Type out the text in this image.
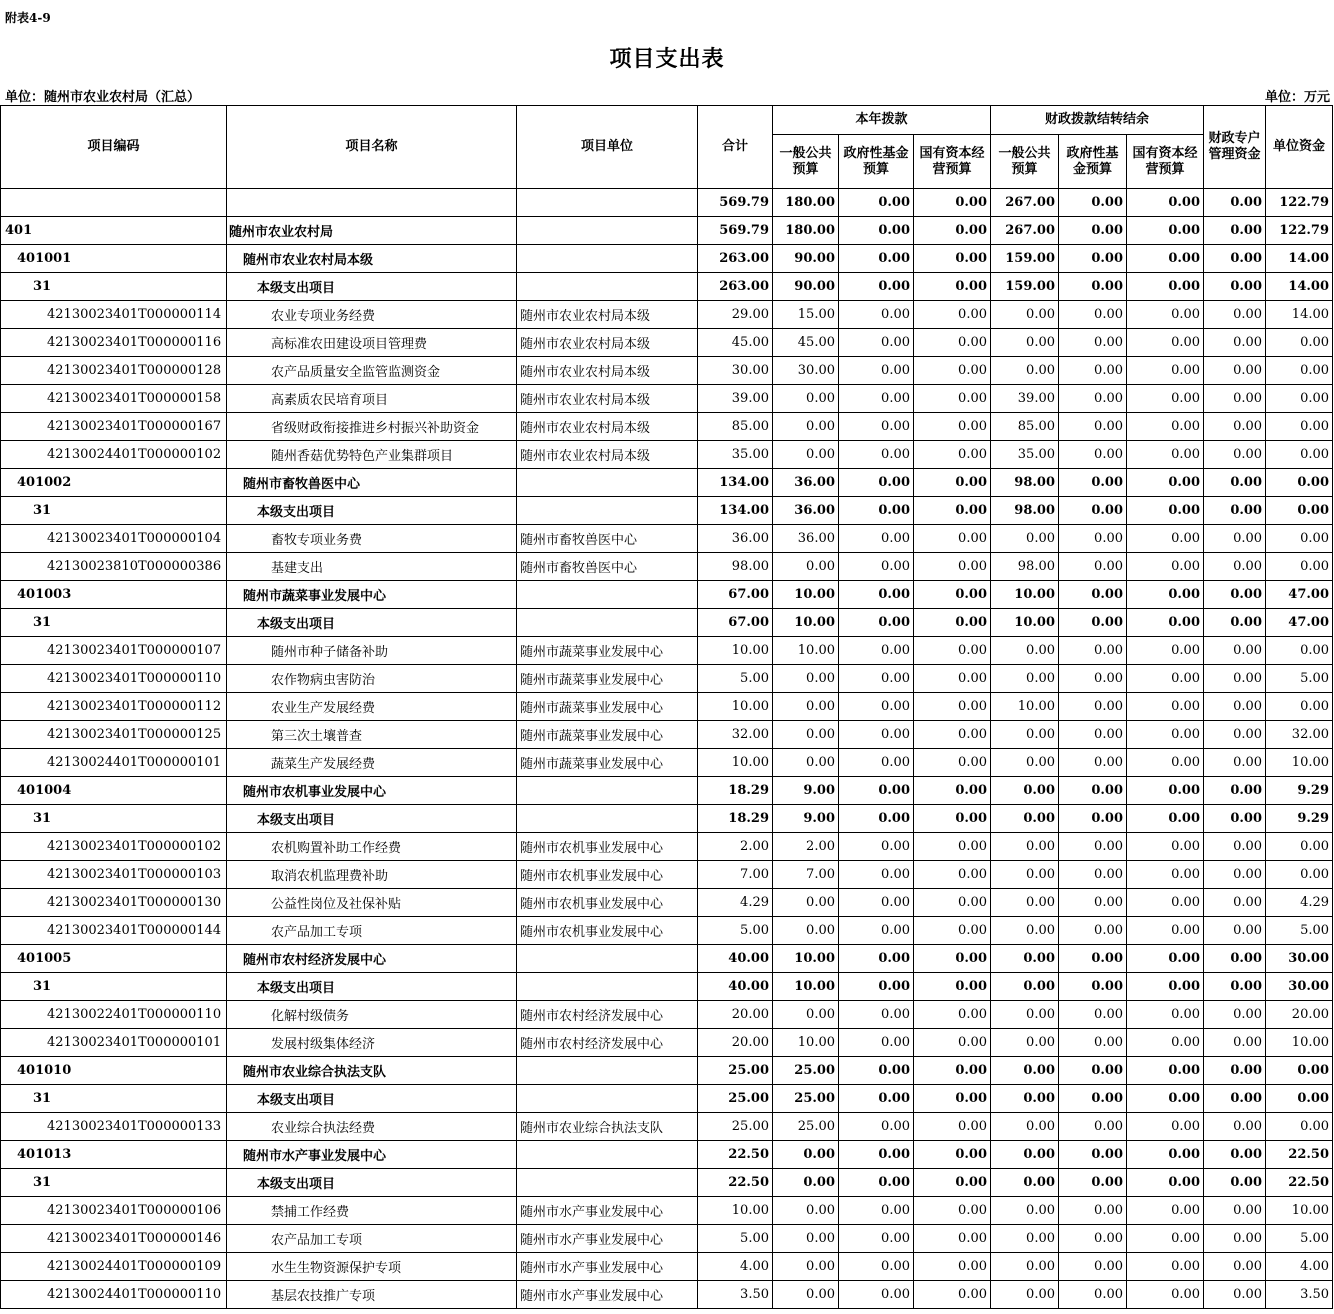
附表4-9
项目支出表
单位：随州市农业农村局（汇总）	单位：万元
项目编码	项目名称	项目单位	合计	本年拨款			财政拨款结转结余			财政专户管理资金	单位资金
				一般公共预算	政府性基金预算	国有资本经营预算	一般公共预算	政府性基金预算	国有资本经营预算		
			569.79	180.00	0.00	0.00	267.00	0.00	0.00	0.00	122.79
401	随州市农业农村局		569.79	180.00	0.00	0.00	267.00	0.00	0.00	0.00	122.79
401001	随州市农业农村局本级		263.00	90.00	0.00	0.00	159.00	0.00	0.00	0.00	14.00
31	本级支出项目		263.00	90.00	0.00	0.00	159.00	0.00	0.00	0.00	14.00
42130023401T000000114	农业专项业务经费	随州市农业农村局本级	29.00	15.00	0.00	0.00	0.00	0.00	0.00	0.00	14.00
42130023401T000000116	高标准农田建设项目管理费	随州市农业农村局本级	45.00	45.00	0.00	0.00	0.00	0.00	0.00	0.00	0.00
42130023401T000000128	农产品质量安全监管监测资金	随州市农业农村局本级	30.00	30.00	0.00	0.00	0.00	0.00	0.00	0.00	0.00
42130023401T000000158	高素质农民培育项目	随州市农业农村局本级	39.00	0.00	0.00	0.00	39.00	0.00	0.00	0.00	0.00
42130023401T000000167	省级财政衔接推进乡村振兴补助资金	随州市农业农村局本级	85.00	0.00	0.00	0.00	85.00	0.00	0.00	0.00	0.00
42130024401T000000102	随州香菇优势特色产业集群项目	随州市农业农村局本级	35.00	0.00	0.00	0.00	35.00	0.00	0.00	0.00	0.00
401002	随州市畜牧兽医中心		134.00	36.00	0.00	0.00	98.00	0.00	0.00	0.00	0.00
31	本级支出项目		134.00	36.00	0.00	0.00	98.00	0.00	0.00	0.00	0.00
42130023401T000000104	畜牧专项业务费	随州市畜牧兽医中心	36.00	36.00	0.00	0.00	0.00	0.00	0.00	0.00	0.00
42130023810T000000386	基建支出	随州市畜牧兽医中心	98.00	0.00	0.00	0.00	98.00	0.00	0.00	0.00	0.00
401003	随州市蔬菜事业发展中心		67.00	10.00	0.00	0.00	10.00	0.00	0.00	0.00	47.00
31	本级支出项目		67.00	10.00	0.00	0.00	10.00	0.00	0.00	0.00	47.00
42130023401T000000107	随州市种子储备补助	随州市蔬菜事业发展中心	10.00	10.00	0.00	0.00	0.00	0.00	0.00	0.00	0.00
42130023401T000000110	农作物病虫害防治	随州市蔬菜事业发展中心	5.00	0.00	0.00	0.00	0.00	0.00	0.00	0.00	5.00
42130023401T000000112	农业生产发展经费	随州市蔬菜事业发展中心	10.00	0.00	0.00	0.00	10.00	0.00	0.00	0.00	0.00
42130023401T000000125	第三次土壤普查	随州市蔬菜事业发展中心	32.00	0.00	0.00	0.00	0.00	0.00	0.00	0.00	32.00
42130024401T000000101	蔬菜生产发展经费	随州市蔬菜事业发展中心	10.00	0.00	0.00	0.00	0.00	0.00	0.00	0.00	10.00
401004	随州市农机事业发展中心		18.29	9.00	0.00	0.00	0.00	0.00	0.00	0.00	9.29
31	本级支出项目		18.29	9.00	0.00	0.00	0.00	0.00	0.00	0.00	9.29
42130023401T000000102	农机购置补助工作经费	随州市农机事业发展中心	2.00	2.00	0.00	0.00	0.00	0.00	0.00	0.00	0.00
42130023401T000000103	取消农机监理费补助	随州市农机事业发展中心	7.00	7.00	0.00	0.00	0.00	0.00	0.00	0.00	0.00
42130023401T000000130	公益性岗位及社保补贴	随州市农机事业发展中心	4.29	0.00	0.00	0.00	0.00	0.00	0.00	0.00	4.29
42130023401T000000144	农产品加工专项	随州市农机事业发展中心	5.00	0.00	0.00	0.00	0.00	0.00	0.00	0.00	5.00
401005	随州市农村经济发展中心		40.00	10.00	0.00	0.00	0.00	0.00	0.00	0.00	30.00
31	本级支出项目		40.00	10.00	0.00	0.00	0.00	0.00	0.00	0.00	30.00
42130022401T000000110	化解村级债务	随州市农村经济发展中心	20.00	0.00	0.00	0.00	0.00	0.00	0.00	0.00	20.00
42130023401T000000101	发展村级集体经济	随州市农村经济发展中心	20.00	10.00	0.00	0.00	0.00	0.00	0.00	0.00	10.00
401010	随州市农业综合执法支队		25.00	25.00	0.00	0.00	0.00	0.00	0.00	0.00	0.00
31	本级支出项目		25.00	25.00	0.00	0.00	0.00	0.00	0.00	0.00	0.00
42130023401T000000133	农业综合执法经费	随州市农业综合执法支队	25.00	25.00	0.00	0.00	0.00	0.00	0.00	0.00	0.00
401013	随州市水产事业发展中心		22.50	0.00	0.00	0.00	0.00	0.00	0.00	0.00	22.50
31	本级支出项目		22.50	0.00	0.00	0.00	0.00	0.00	0.00	0.00	22.50
42130023401T000000106	禁捕工作经费	随州市水产事业发展中心	10.00	0.00	0.00	0.00	0.00	0.00	0.00	0.00	10.00
42130023401T000000146	农产品加工专项	随州市水产事业发展中心	5.00	0.00	0.00	0.00	0.00	0.00	0.00	0.00	5.00
42130024401T000000109	水生生物资源保护专项	随州市水产事业发展中心	4.00	0.00	0.00	0.00	0.00	0.00	0.00	0.00	4.00
42130024401T000000110	基层农技推广专项	随州市水产事业发展中心	3.50	0.00	0.00	0.00	0.00	0.00	0.00	0.00	3.50
